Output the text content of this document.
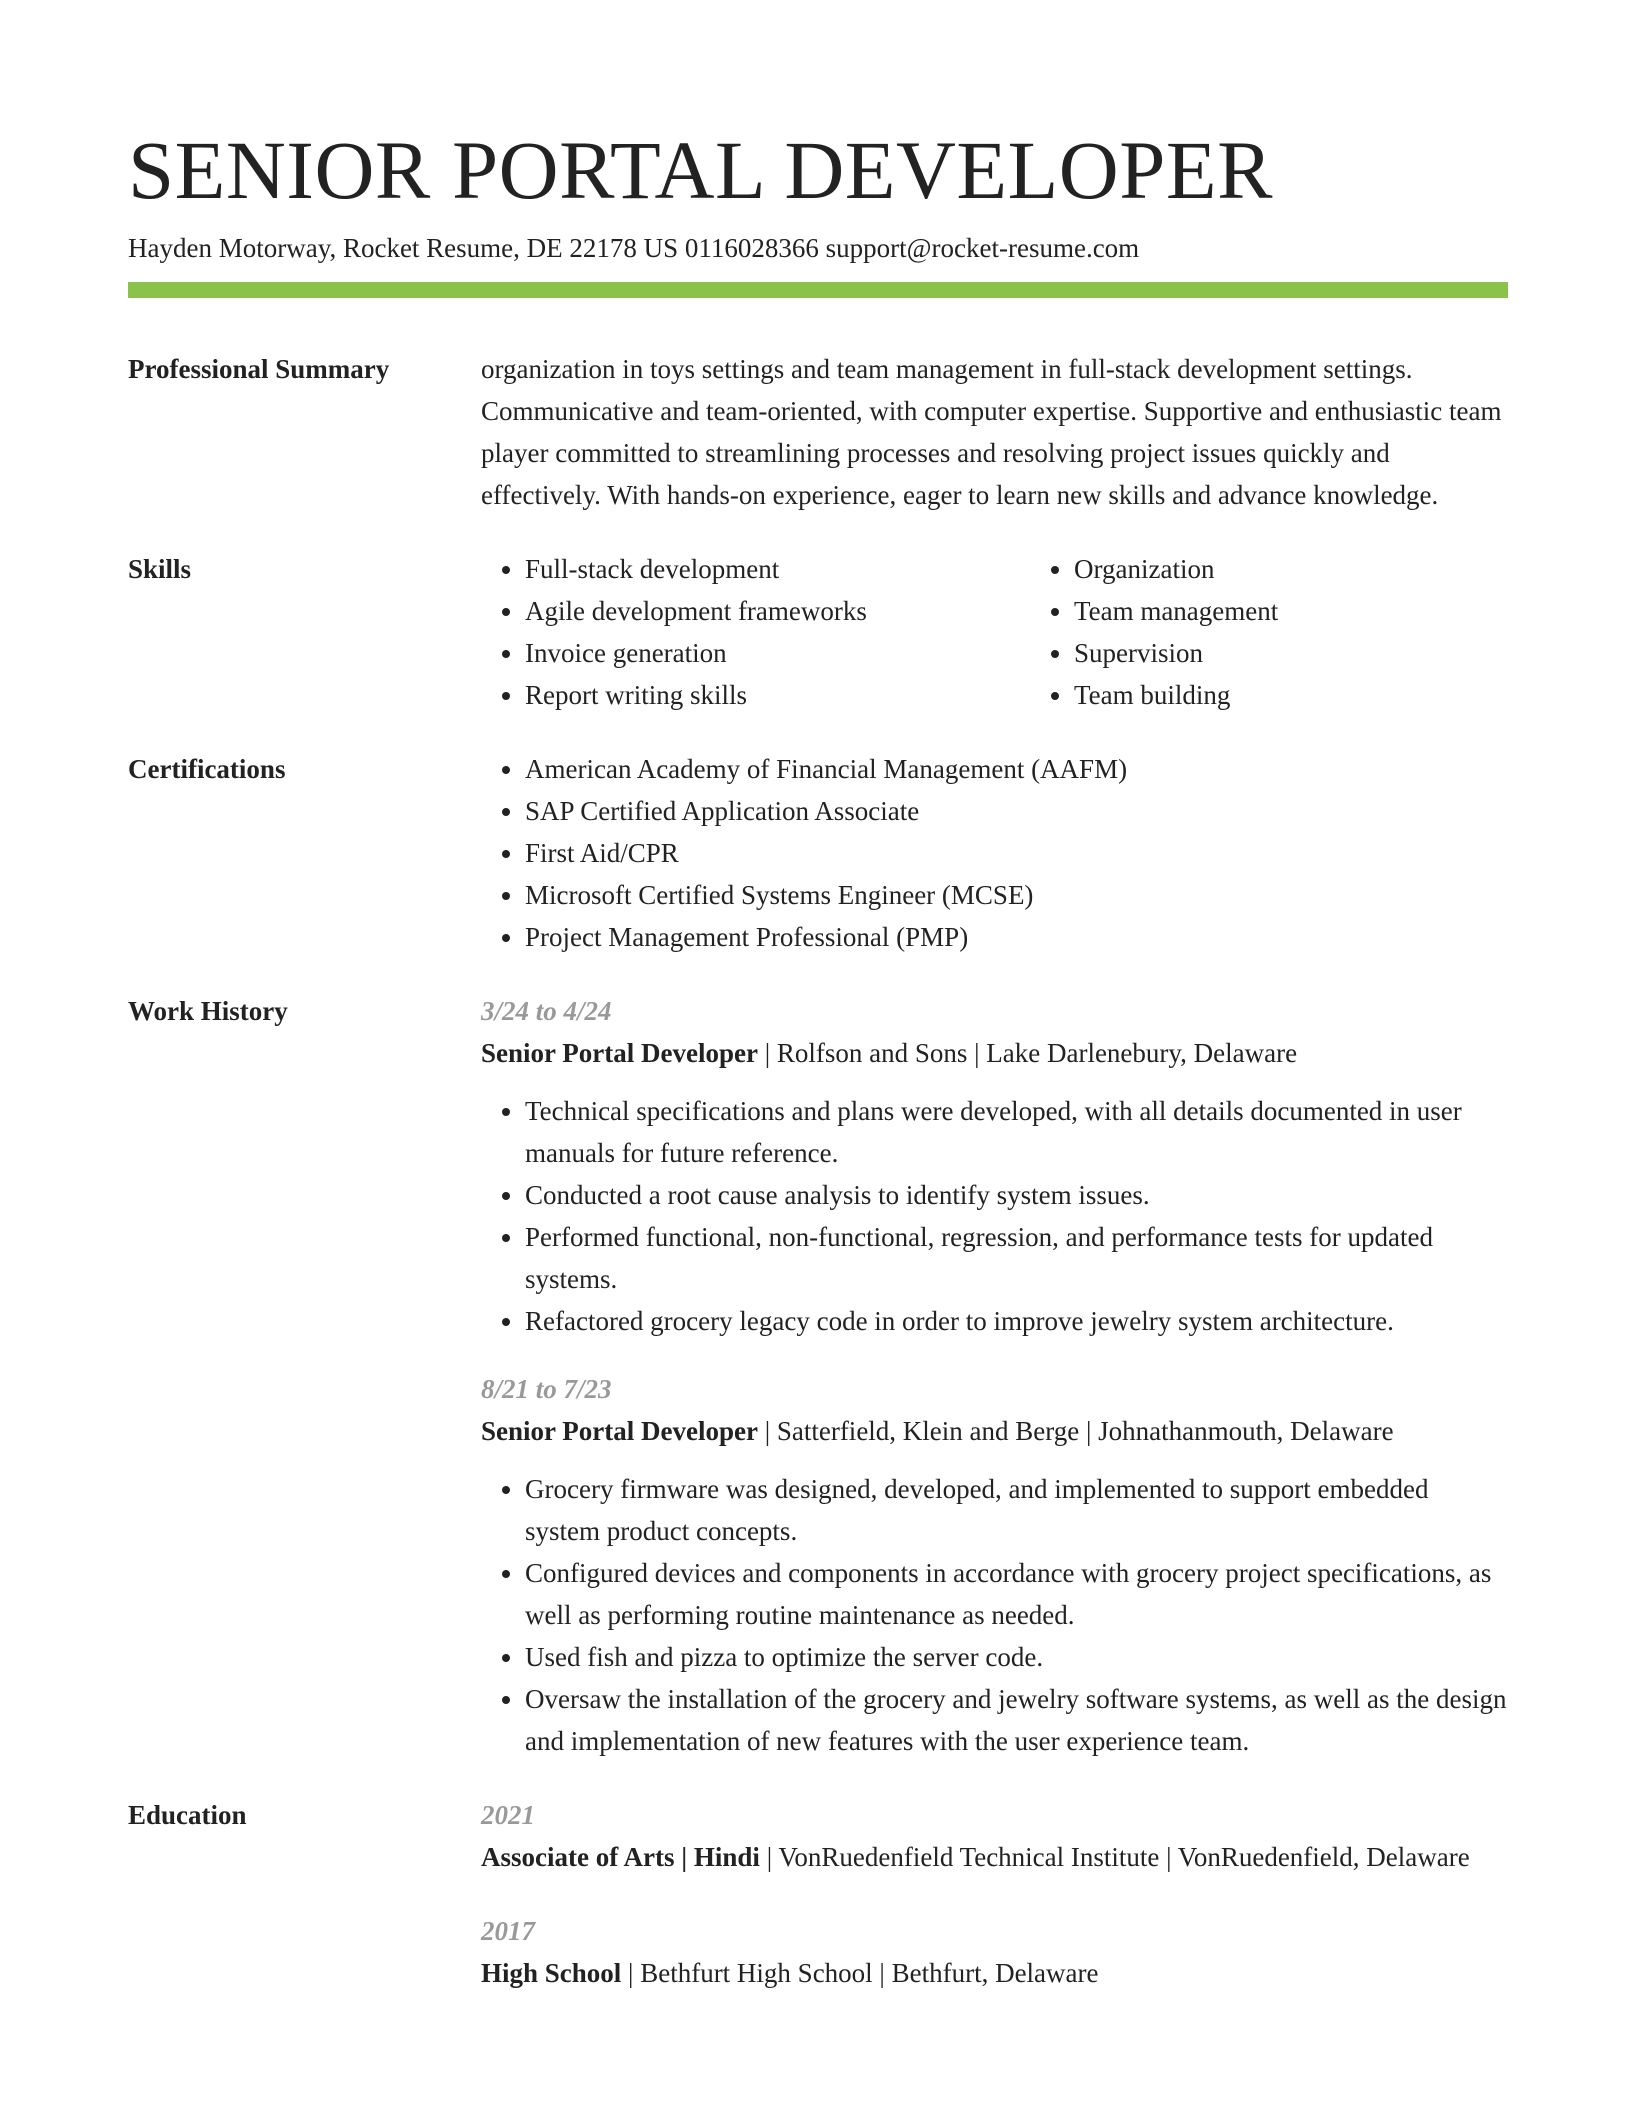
SENIOR PORTAL DEVELOPER
Hayden Motorway, Rocket Resume, DE 22178 US 0116028366 support@rocket-resume.com
Professional Summary	organization in toys settings and team management in full-stack development settings. Communicative and team-oriented, with computer expertise. Supportive and enthusiastic team player committed to streamlining processes and resolving project issues quickly and effectively. With hands-on experience, eager to learn new skills and advance knowledge.
Skills	• Full-stack development
• Agile development frameworks
• Invoice generation
• Report writing skills
• Organization
• Team management
• Supervision
• Team building
Certifications	• American Academy of Financial Management (AAFM)
• SAP Certified Application Associate
• First Aid/CPR
• Microsoft Certified Systems Engineer (MCSE)
• Project Management Professional (PMP)
Work History	3/24 to 4/24
Senior Portal Developer | Rolfson and Sons | Lake Darlenebury, Delaware
• Technical specifications and plans were developed, with all details documented in user manuals for future reference.
• Conducted a root cause analysis to identify system issues.
• Performed functional, non-functional, regression, and performance tests for updated systems.
• Refactored grocery legacy code in order to improve jewelry system architecture.
8/21 to 7/23
Senior Portal Developer | Satterfield, Klein and Berge | Johnathanmouth, Delaware
• Grocery firmware was designed, developed, and implemented to support embedded system product concepts.
• Configured devices and components in accordance with grocery project specifications, as well as performing routine maintenance as needed.
• Used fish and pizza to optimize the server code.
• Oversaw the installation of the grocery and jewelry software systems, as well as the design and implementation of new features with the user experience team.
Education	2021
Associate of Arts | Hindi | VonRuedenfield Technical Institute | VonRuedenfield, Delaware
2017
High School | Bethfurt High School | Bethfurt, Delaware
